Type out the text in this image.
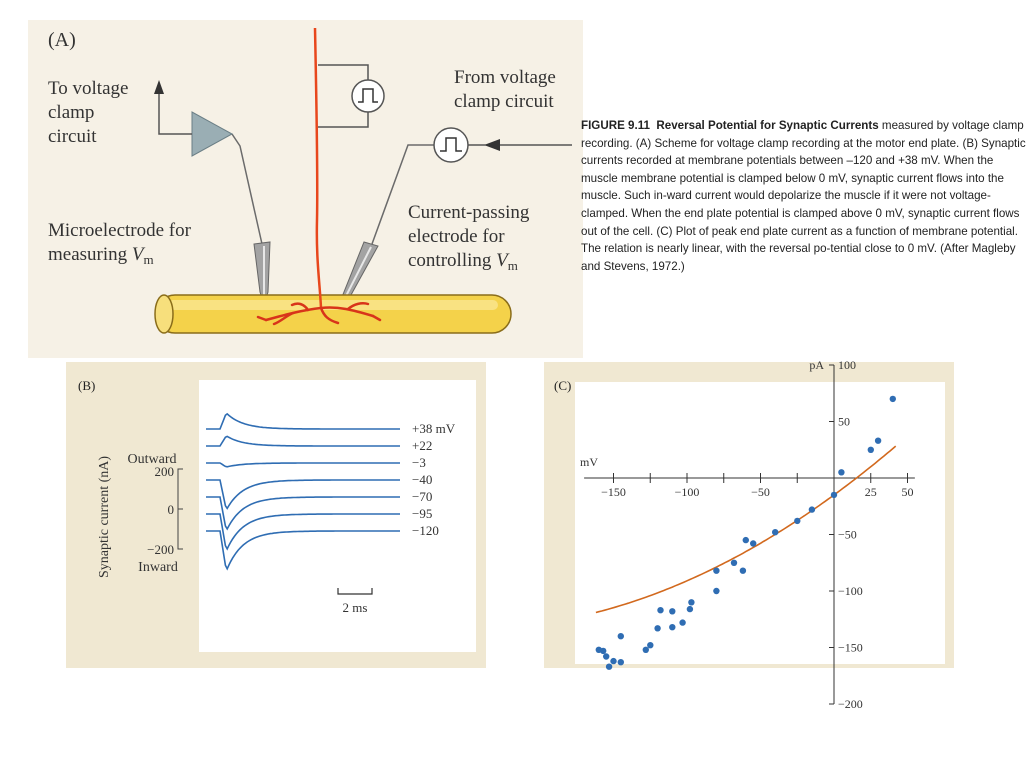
(A)
To voltage clamp circuit
From voltage clamp circuit
Microelectrode for measuring $V_m$
Current-passing electrode for controlling $V_m$
FIGURE 9.11 Reversal Potential for Synaptic Currents measured by voltage clamp recording. (A) Scheme for voltage clamp recording at the motor end plate. (B) Synaptic currents recorded at membrane potentials between –120 and +38 mV. When the muscle membrane potential is clamped below 0 mV, synaptic current flows into the muscle. Such in-ward current would depolarize the muscle if it were not voltage-clamped. When the end plate potential is clamped above 0 mV, synaptic current flows out of the cell. (C) Plot of peak end plate current as a function of membrane potential. The relation is nearly linear, with the reversal po-tential close to 0 mV. (After Magleby and Stevens, 1972.)
(B)
Synaptic current (nA) Outward
Inward
200
0
−200
+38 mV
+22
−3
−40
−70
−95
−120
2 ms
(C)
−150	−100	−50	25 50
mV
100
50
−50
−100
−150
−200
pA
